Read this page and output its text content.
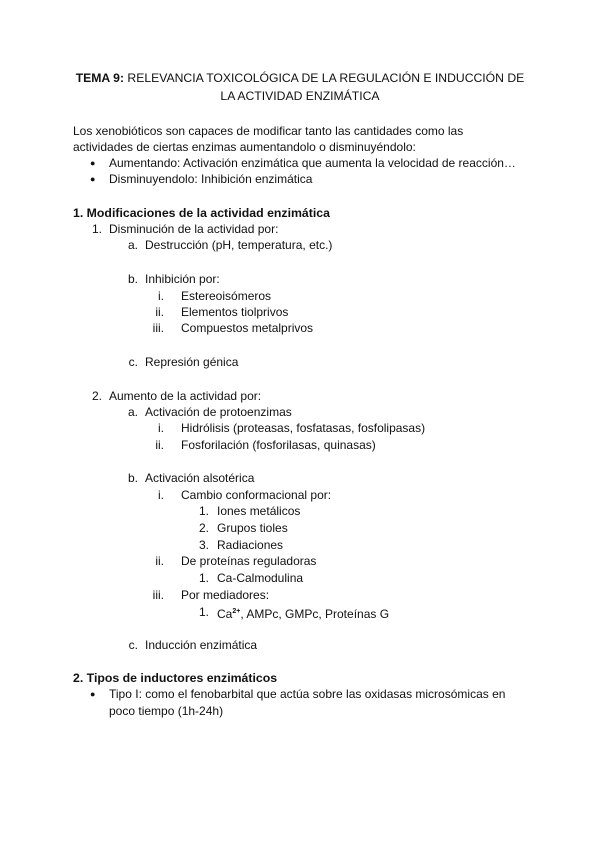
TEMA 9: RELEVANCIA TOXICOLÓGICA DE LA REGULACIÓN E INDUCCIÓN DE
LA ACTIVIDAD ENZIMÁTICA
Los xenobióticos son capaces de modificar tanto las cantidades como las
actividades de ciertas enzimas aumentandolo o disminuyéndolo:
● Aumentando: Activación enzimática que aumenta la velocidad de reacción…
● Disminuyendolo: Inhibición enzimática
1. Modificaciones de la actividad enzimática
1. Disminución de la actividad por:
a. Destrucción (pH, temperatura, etc.)
b. Inhibición por:
i. Estereoisómeros
ii. Elementos tiolprivos
iii. Compuestos metalprivos
c. Represión génica
2. Aumento de la actividad por:
a. Activación de protoenzimas
i. Hidrólisis (proteasas, fosfatasas, fosfolipasas)
ii. Fosforilación (fosforilasas, quinasas)
b. Activación alsotérica
i. Cambio conformacional por:
1. Iones metálicos
2. Grupos tioles
3. Radiaciones
ii. De proteínas reguladoras
1. Ca-Calmodulina
iii. Por mediadores:
1. $Ca^{2+}$, AMPc, GMPc, Proteínas G
c. Inducción enzimática
2. Tipos de inductores enzimáticos
● Tipo I: como el fenobarbital que actúa sobre las oxidasas microsómicas en
poco tiempo (1h-24h)
